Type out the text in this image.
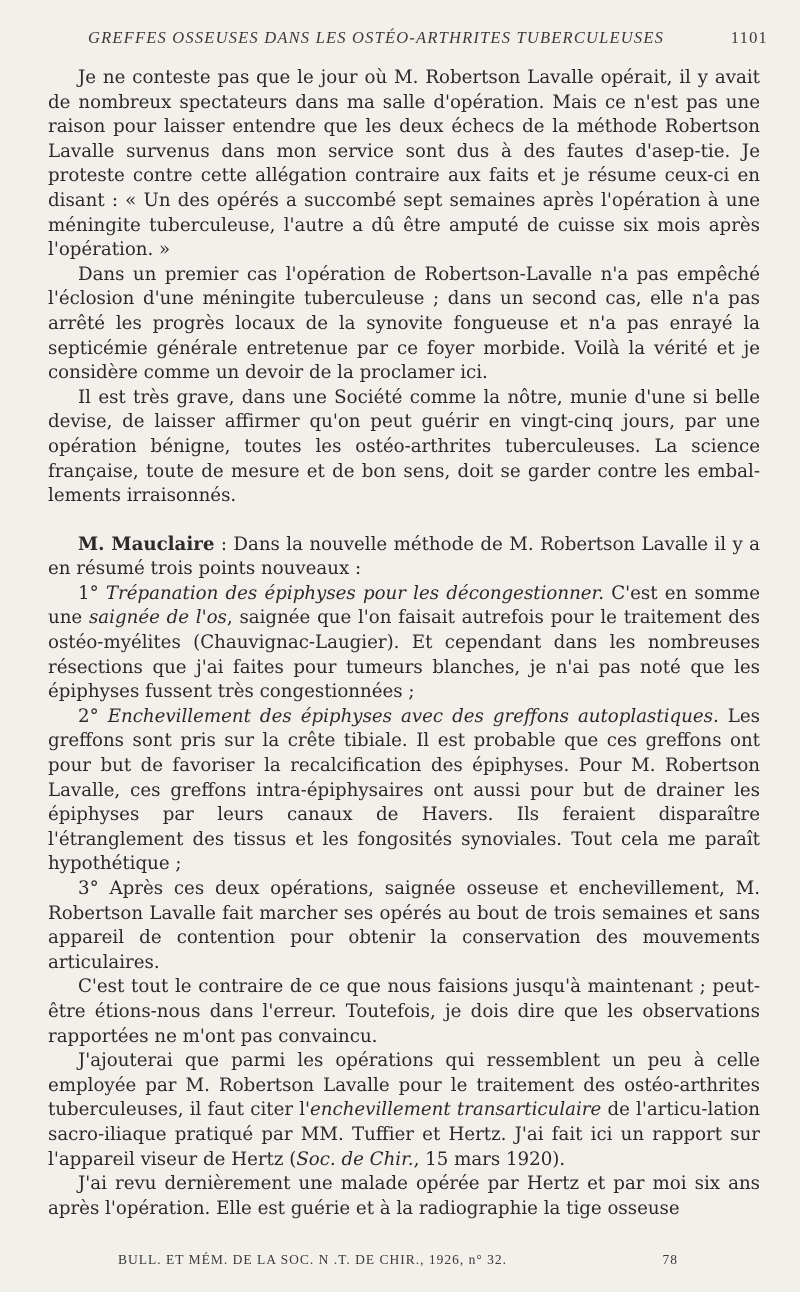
GREFFES OSSEUSES DANS LES OSTÉO-ARTHRITES TUBERCULEUSES	1101

Je ne conteste pas que le jour où M. Robertson Lavalle opérait, il y avait de nombreux spectateurs dans ma salle d'opération. Mais ce n'est pas une raison pour laisser entendre que les deux échecs de la méthode Robertson Lavalle survenus dans mon service sont dus à des fautes d'asep-tie. Je proteste contre cette allégation contraire aux faits et je résume ceux-ci en disant : « Un des opérés a succombé sept semaines après l'opération à une méningite tuberculeuse, l'autre a dû être amputé de cuisse six mois après l'opération. »

Dans un premier cas l'opération de Robertson-Lavalle n'a pas empêché l'éclosion d'une méningite tuberculeuse ; dans un second cas, elle n'a pas arrêté les progrès locaux de la synovite fongueuse et n'a pas enrayé la septicémie générale entretenue par ce foyer morbide. Voilà la vérité et je considère comme un devoir de la proclamer ici.

Il est très grave, dans une Société comme la nôtre, munie d'une si belle devise, de laisser affirmer qu'on peut guérir en vingt-cinq jours, par une opération bénigne, toutes les ostéo-arthrites tuberculeuses. La science française, toute de mesure et de bon sens, doit se garder contre les embal-lements irraisonnés.

M. Mauclaire : Dans la nouvelle méthode de M. Robertson Lavalle il y a en résumé trois points nouveaux :

1° Trépanation des épiphyses pour les décongestionner. C'est en somme une saignée de l'os, saignée que l'on faisait autrefois pour le traitement des ostéo-myélites (Chauvignac-Laugier). Et cependant dans les nombreuses résections que j'ai faites pour tumeurs blanches, je n'ai pas noté que les épiphyses fussent très congestionnées ;

2° Enchevillement des épiphyses avec des greffons autoplastiques. Les greffons sont pris sur la crête tibiale. Il est probable que ces greffons ont pour but de favoriser la recalcification des épiphyses. Pour M. Robertson Lavalle, ces greffons intra-épiphysaires ont aussi pour but de drainer les épiphyses par leurs canaux de Havers. Ils feraient disparaître l'étranglement des tissus et les fongosités synoviales. Tout cela me paraît hypothétique ;

3° Après ces deux opérations, saignée osseuse et enchevillement, M. Robertson Lavalle fait marcher ses opérés au bout de trois semaines et sans appareil de contention pour obtenir la conservation des mouvements articulaires.

C'est tout le contraire de ce que nous faisions jusqu'à maintenant ; peut-être étions-nous dans l'erreur. Toutefois, je dois dire que les observations rapportées ne m'ont pas convaincu.

J'ajouterai que parmi les opérations qui ressemblent un peu à celle employée par M. Robertson Lavalle pour le traitement des ostéo-arthrites tuberculeuses, il faut citer l'enchevillement transarticulaire de l'articu-lation sacro-iliaque pratiqué par MM. Tuffier et Hertz. J'ai fait ici un rapport sur l'appareil viseur de Hertz (Soc. de Chir., 15 mars 1920).

J'ai revu dernièrement une malade opérée par Hertz et par moi six ans après l'opération. Elle est guérie et à la radiographie la tige osseuse

BULL. ET MÉM. DE LA SOC. N .T. DE CHIR., 1926, n° 32.	78
